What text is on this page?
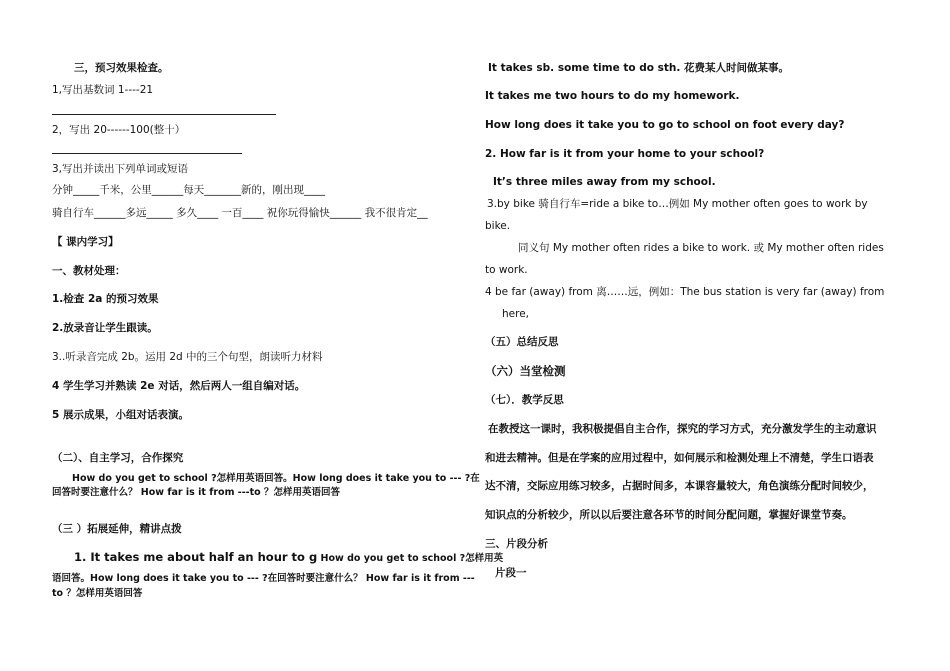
三，预习效果检查。
1,写出基数词 1----21
2，写出 20------100(整十）
3,写出并读出下列单词或短语
分钟_____千米，公里______每天_______新的，刚出现____
骑自行车______多远_____ 多久____ 一百____ 祝你玩得愉快______ 我不很肯定__
【 课内学习】
一、教材处理：
1.检查 2a 的预习效果
2.放录音让学生跟读。
3..听录音完成 2b。运用 2d 中的三个句型，朗读听力材料
4 学生学习并熟读 2e 对话，然后两人一组自编对话。
5 展示成果，小组对话表演。
（二）、自主学习，合作探究
How do you get to school ?怎样用英语回答。How long does it take you to --- ?在
回答时要注意什么？ How far is it from ---to ？怎样用英语回答
（三 ）拓展延伸，精讲点拨
1. It takes me about half an hour to g How do you get to school ?怎样用英
语回答。How long does it take you to --- ?在回答时要注意什么？ How far is it from ---
to ？怎样用英语回答
It takes sb. some time to do sth. 花费某人时间做某事。
It takes me two hours to do my homework.
How long does it take you to go to school on foot every day?
2. How far is it from your home to your school?
It’s three miles away from my school.
3.by bike 骑自行车=ride a bike to…例如 My mother often goes to work by
bike.
同义句 My mother often rides a bike to work. 或 My mother often rides
to work.
4 be far (away) from 离……远，例如：The bus station is very far (away) from
here,
（五）总结反思
（六）当堂检测
（七）．教学反思
在教授这一课时，我积极提倡自主合作，探究的学习方式，充分激发学生的主动意识
和进去精神。但是在学案的应用过程中，如何展示和检测处理上不清楚，学生口语表
达不清，交际应用练习较多，占据时间多，本课容量较大，角色演练分配时间较少，
知识点的分析较少，所以以后要注意各环节的时间分配问题，掌握好课堂节奏。
三、片段分析
片段一
